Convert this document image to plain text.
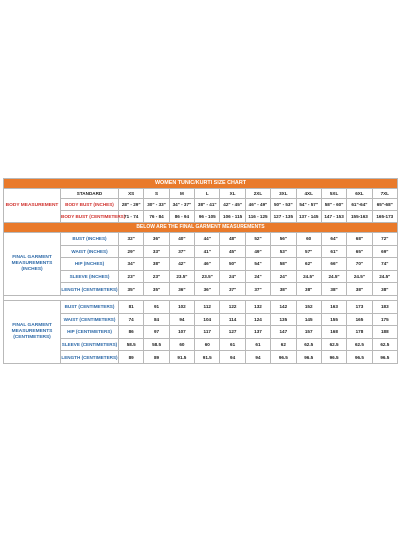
WOMEN TUNIC/KURTI SIZE CHART												
BODY MEASUREMENT	STANDARD	XS	S	M	L	XL	2XL	3XL	4XL	5XL	6XL	7XL
	BODY BUST (INCHES)	28" - 29"	30" - 33"	34" - 37"	38" - 41"	42" - 45"	46" - 49"	50" - 53"	54" - 57"	58" - 60"	61"-64"	65"-68"
	BODY BUST (CENTIMETERS)	71 - 74	76 - 84	86 - 94	96 - 105	106 - 115	116 - 125	127 - 135	137 - 145	147 - 153	155-163	165-173
BELOW ARE THE FINAL GARMENT MEASUREMENTS												
FINAL GARMENT MEASUREMENTS (INCHES)	BUST (INCHES)	32"	36"	40"	44"	48"	52"	56"	60	64"	68"	72"
	WAIST (INCHES)	29"	33"	37"	41"	45"	49"	53"	57"	61"	65"	69"
	HIP (INCHES)	34"	38"	42"	46"	50"	54"	58"	62"	66"	70"	74"
	SLEEVE (INCHES)	23"	23"	23.5"	23.5"	24"	24"	24"	24.5"	24.5"	24.5"	24.5"
	LENGTH (CENTIMETERS)	35"	35"	36"	36"	37"	37"	38"	38"	38"	38"	38"

FINAL GARMENT MEASUREMENTS (CENTIMETERS)	BUST (CENTIMETERS)	81	91	102	112	122	132	142	152	163	173	183
	WAIST (CENTIMETERS)	74	84	94	104	114	124	135	145	155	165	175
	HIP (CENTIMETERS)	86	97	107	117	127	137	147	157	168	178	188
	SLEEVE (CENTIMETERS)	58.5	58.5	60	60	61	61	62	62.5	62.5	62.5	62.5
	LENGTH (CENTIMETERS)	89	89	91.5	91.5	94	94	96.5	96.5	96.5	96.5	96.5
